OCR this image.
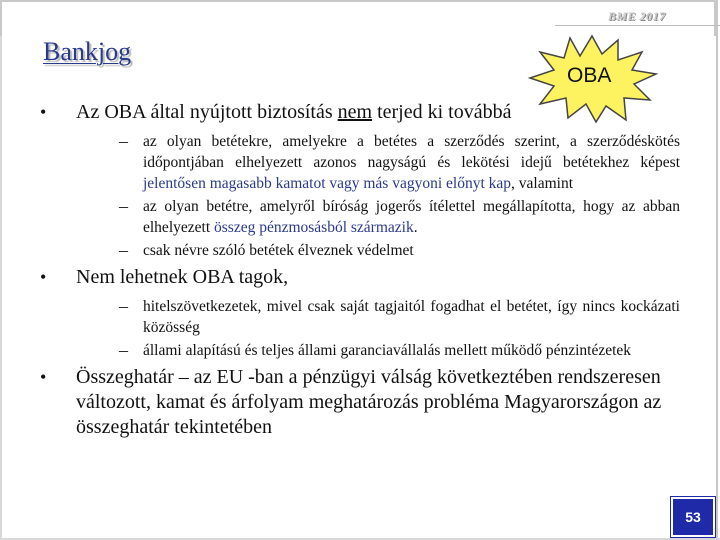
BME 2017
Bankjog
OBA
•	Az OBA által nyújtott biztosítás nem terjed ki továbbá
– az olyan betétekre, amelyekre a betétes a szerződés szerint, a szerződéskötés időpontjában elhelyezett azonos nagyságú és lekötési idejű betétekhez képest jelentősen magasabb kamatot vagy más vagyoni előnyt kap, valamint
– az olyan betétre, amelyről bíróság jogerős ítélettel megállapította, hogy az abban elhelyezett összeg pénzmosásból származik.
– csak névre szóló betétek élveznek védelmet
•	Nem lehetnek OBA tagok,
– hitelszövetkezetek, mivel csak saját tagjaitól fogadhat el betétet, így nincs kockázati közösség
– állami alapítású és teljes állami garanciavállalás mellett működő pénzintézetek
•	Összeghatár – az EU -ban a pénzügyi válság következtében rendszeresen változott, kamat és árfolyam meghatározás probléma Magyarországon az összeghatár tekintetében
53
